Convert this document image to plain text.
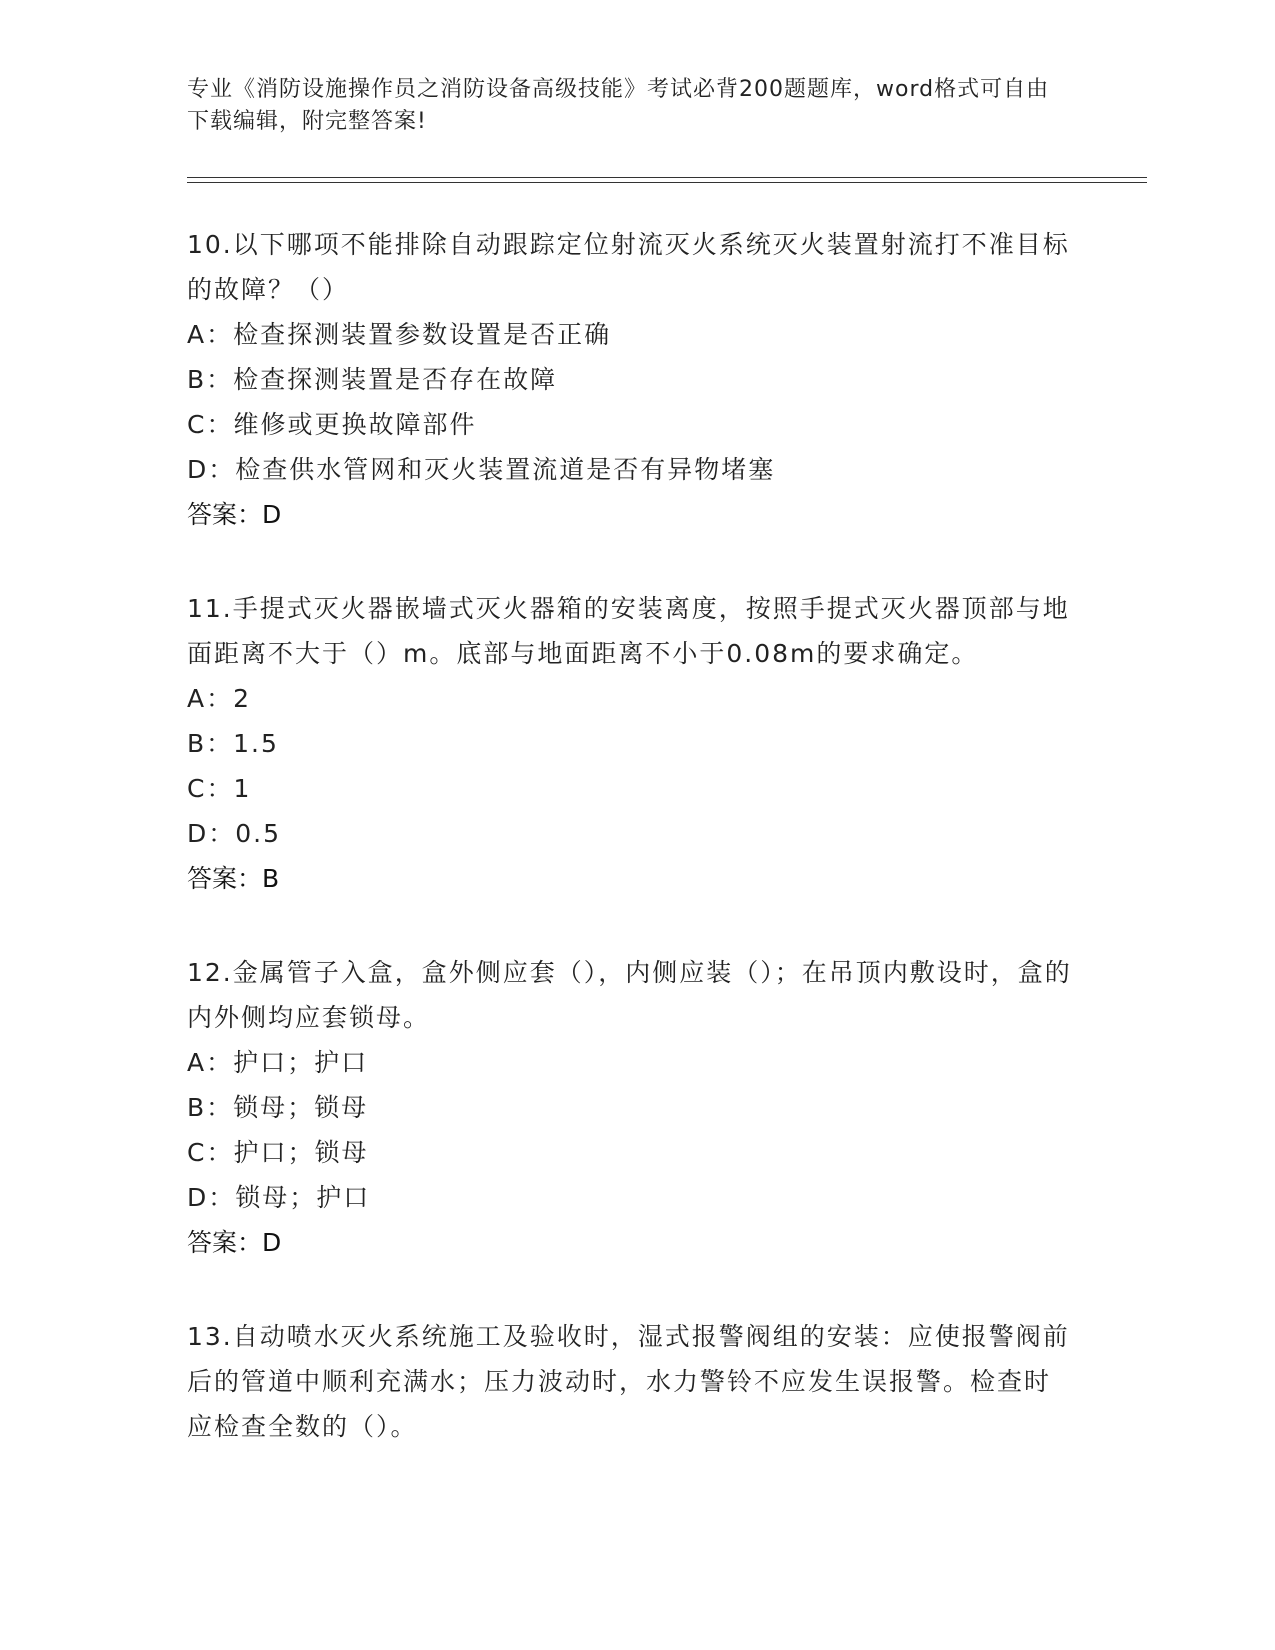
专业《消防设施操作员之消防设备高级技能》考试必背200题题库，word格式可自由下载编辑，附完整答案!

10.以下哪项不能排除自动跟踪定位射流灭火系统灭火装置射流打不准目标的故障？（）

A：检查探测装置参数设置是否正确

B：检查探测装置是否存在故障

C：维修或更换故障部件

D：检查供水管网和灭火装置流道是否有异物堵塞

答案：D

11.手提式灭火器嵌墙式灭火器箱的安装离度，按照手提式灭火器顶部与地面距离不大于（）m。底部与地面距离不小于0.08m的要求确定。

A：2

B：1.5

C：1

D：0.5

答案：B

12.金属管子入盒，盒外侧应套（），内侧应装（）；在吊顶内敷设时，盒的内外侧均应套锁母。

A：护口；护口

B：锁母；锁母

C：护口；锁母

D：锁母；护口

答案：D

13.自动喷水灭火系统施工及验收时，湿式报警阀组的安装：应使报警阀前后的管道中顺利充满水；压力波动时，水力警铃不应发生误报警。检查时应检查全数的（）。
